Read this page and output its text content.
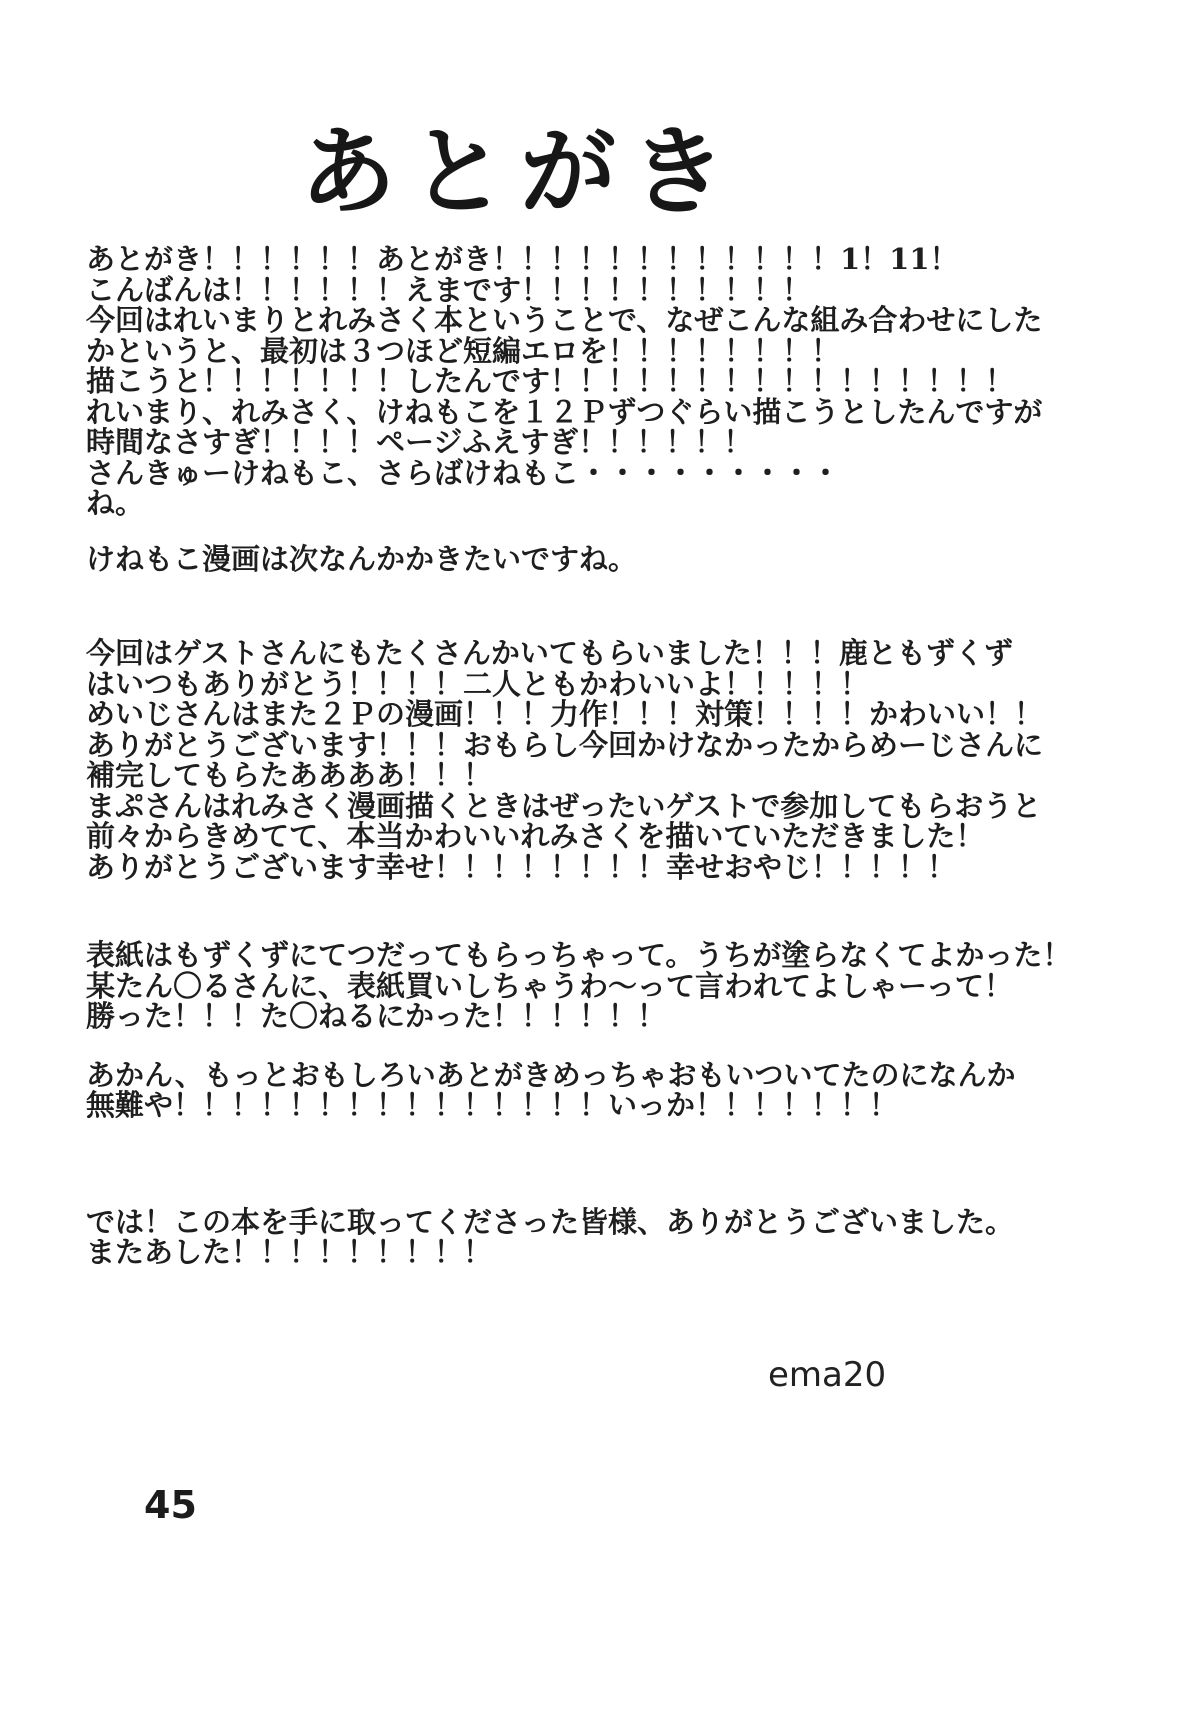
あとがき
あとがき！！！！！！あとがき！！！！！！！！！！！！1！11！
こんばんは！！！！！！えまです！！！！！！！！！！
今回はれいまりとれみさく本ということで、なぜこんな組み合わせにした
かというと、最初は３つほど短編エロを！！！！！！！！
描こうと！！！！！！！したんです！！！！！！！！！！！！！！！！
れいまり、れみさく、けねもこを１２Ｐずつぐらい描こうとしたんですが
時間なさすぎ！！！！ページふえすぎ！！！！！！
さんきゅーけねもこ、さらばけねもこ・・・・・・・・・
ね。
けねもこ漫画は次なんかかきたいですね。
今回はゲストさんにもたくさんかいてもらいました！！！鹿ともずくず
はいつもありがとう！！！！二人ともかわいいよ！！！！！
めいじさんはまた２Ｐの漫画！！！力作！！！対策！！！！かわいい！！
ありがとうございます！！！おもらし今回かけなかったからめーじさんに
補完してもらたああああ！！！
まぷさんはれみさく漫画描くときはぜったいゲストで参加してもらおうと
前々からきめてて、本当かわいいれみさくを描いていただきました！
ありがとうございます幸せ！！！！！！！！幸せおやじ！！！！！
表紙はもずくずにてつだってもらっちゃって。うちが塗らなくてよかった！
某たん〇るさんに、表紙買いしちゃうわ〜って言われてよしゃーって！
勝った！！！た〇ねるにかった！！！！！！
あかん、もっとおもしろいあとがきめっちゃおもいついてたのになんか
無難や！！！！！！！！！！！！！！！いっか！！！！！！！
では！この本を手に取ってくださった皆様、ありがとうございました。
またあした！！！！！！！！！
ema20
45
